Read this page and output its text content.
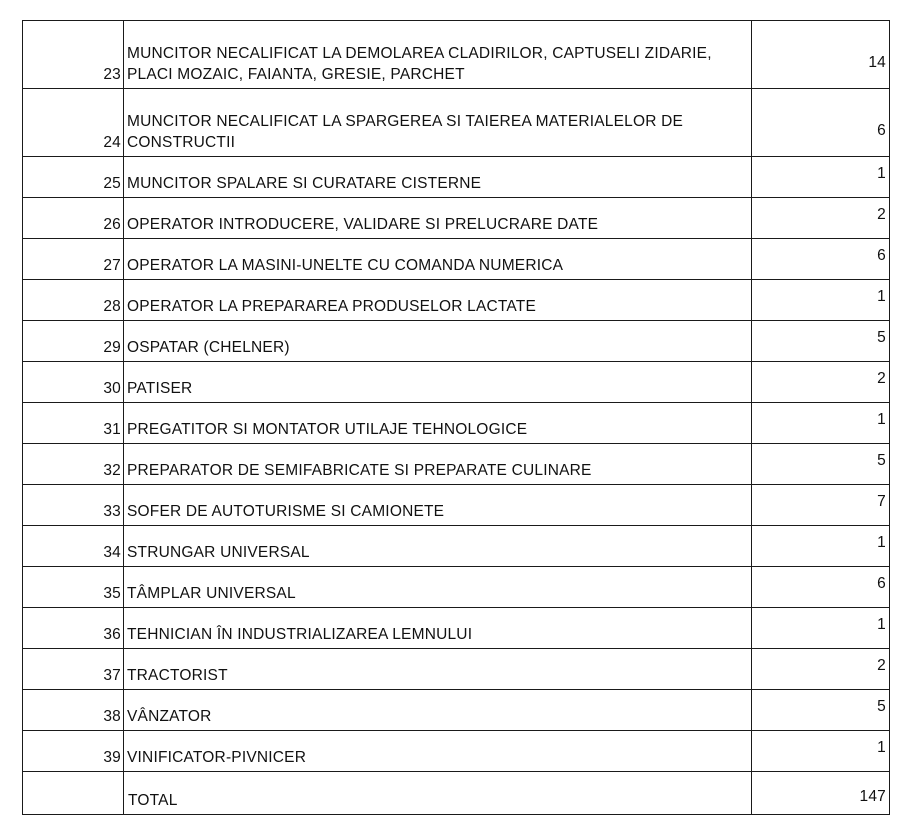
23	MUNCITOR NECALIFICAT LA DEMOLAREA CLADIRILOR, CAPTUSELI ZIDARIE, PLACI MOZAIC, FAIANTA, GRESIE, PARCHET	14
24	MUNCITOR NECALIFICAT LA SPARGEREA SI TAIEREA MATERIALELOR DE CONSTRUCTII	6
25	MUNCITOR SPALARE SI CURATARE CISTERNE	1
26	OPERATOR INTRODUCERE, VALIDARE SI PRELUCRARE DATE	2
27	OPERATOR LA MASINI-UNELTE CU COMANDA NUMERICA	6
28	OPERATOR LA PREPARAREA PRODUSELOR LACTATE	1
29	OSPATAR (CHELNER)	5
30	PATISER	2
31	PREGATITOR SI MONTATOR UTILAJE TEHNOLOGICE	1
32	PREPARATOR DE SEMIFABRICATE SI PREPARATE CULINARE	5
33	SOFER DE AUTOTURISME SI CAMIONETE	7
34	STRUNGAR UNIVERSAL	1
35	TÂMPLAR UNIVERSAL	6
36	TEHNICIAN ÎN INDUSTRIALIZAREA LEMNULUI	1
37	TRACTORIST	2
38	VÂNZATOR	5
39	VINIFICATOR-PIVNICER	1
	TOTAL	147
